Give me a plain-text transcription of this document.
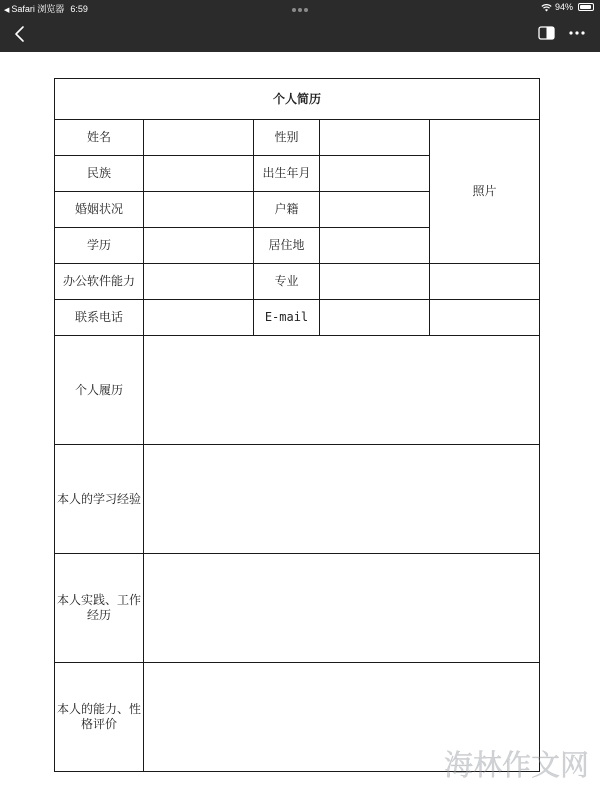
◀ Safari 浏览器 6:59	94%
个人简历				
姓名		性别		照片
民族		出生年月		
婚姻状况		户籍		
学历		居住地		
办公软件能力		专业		
联系电话		E-mail		
个人履历				
本人的学习经验				
本人实践、工作经历				
本人的能力、性格评价				
海林作文网
